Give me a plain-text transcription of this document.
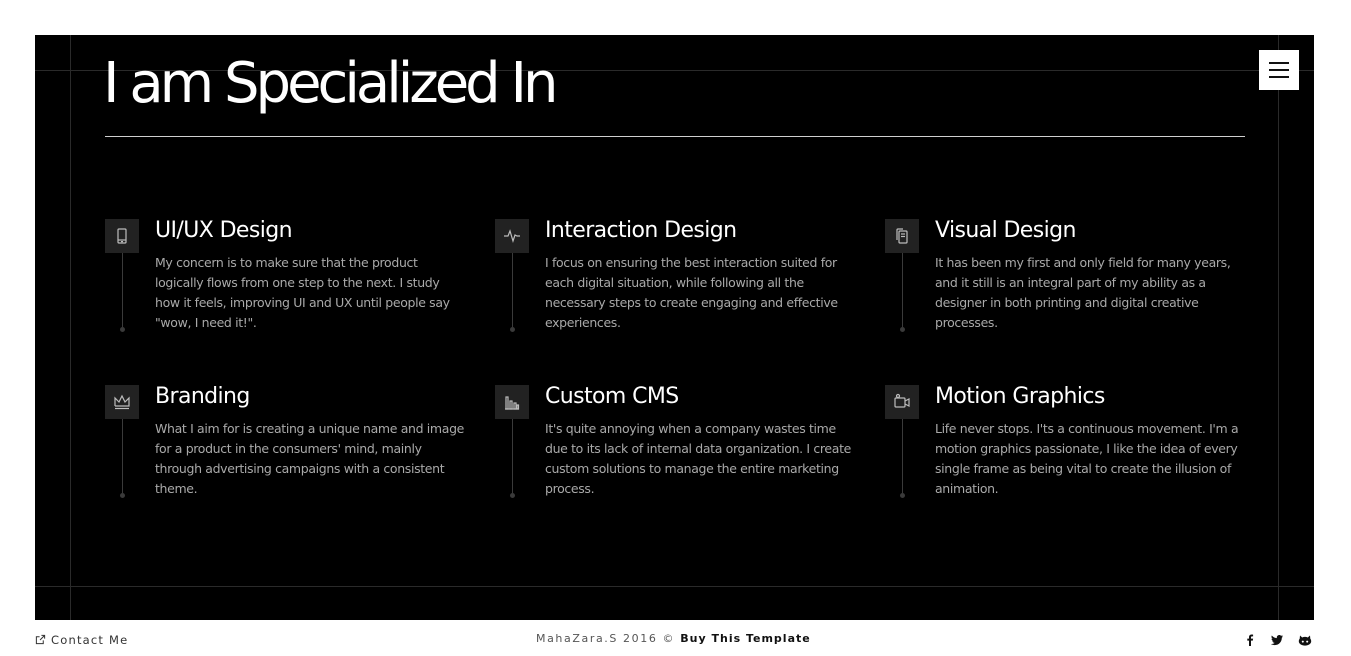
I am Specialized In
UI/UX Design

My concern is to make sure that the product logically flows from one step to the next. I study how it feels, improving UI and UX until people say "wow, I need it!".

Interaction Design

I focus on ensuring the best interaction suited for each digital situation, while following all the necessary steps to create engaging and effective experiences.

Visual Design

It has been my first and only field for many years, and it still is an integral part of my ability as a designer in both printing and digital creative processes.

Branding

What I aim for is creating a unique name and image for a product in the consumers' mind, mainly through advertising campaigns with a consistent theme.

Custom CMS

It's quite annoying when a company wastes time due to its lack of internal data organization. I create custom solutions to manage the entire marketing process.

Motion Graphics

Life never stops. I'ts a continuous movement. I'm a motion graphics passionate, I like the idea of every single frame as being vital to create the illusion of animation.

Contact Me	MahaZara.S 2016 © Buy This Template
